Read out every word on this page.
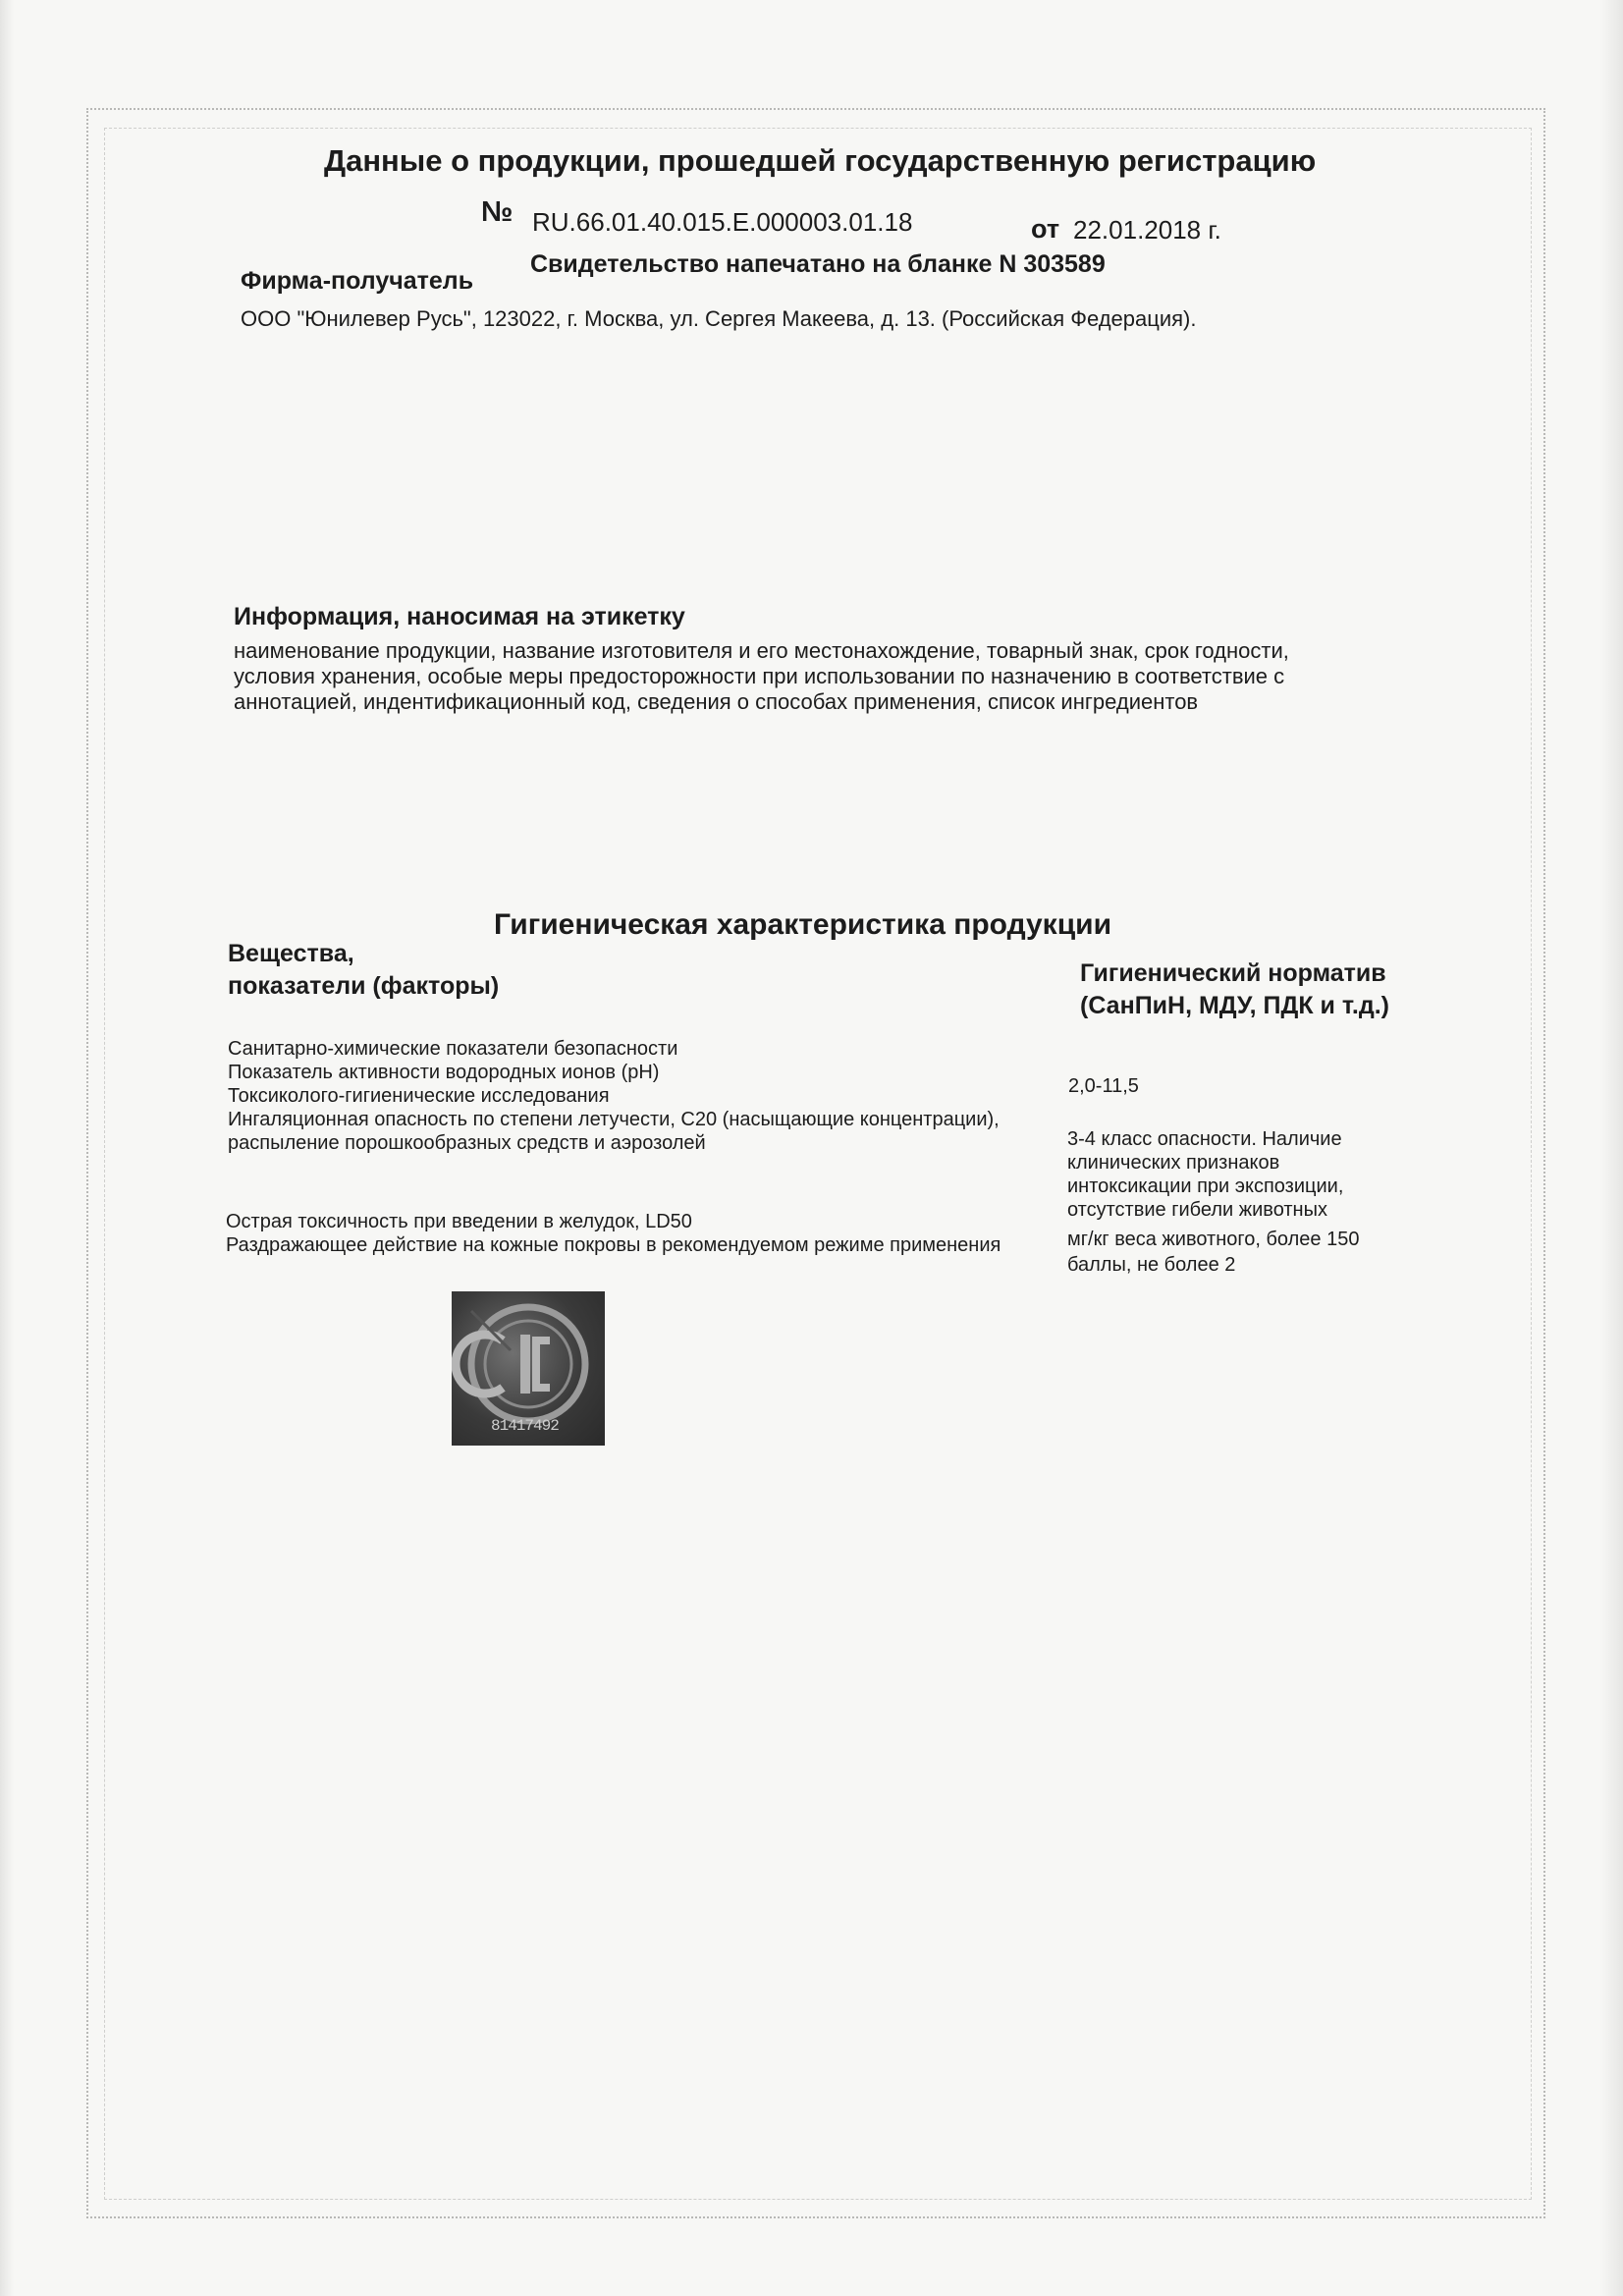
Данные о продукции, прошедшей государственную регистрацию
№ RU.66.01.40.015.E.000003.01.18	от 22.01.2018 г.
Свидетельство напечатано на бланке N 303589
Фирма-получатель
ООО "Юнилевер Русь", 123022, г. Москва, ул. Сергея Макеева, д. 13. (Российская Федерация).
Информация, наносимая на этикетку
наименование продукции, название изготовителя и его местонахождение, товарный знак, срок годности,
условия хранения, особые меры предосторожности при использовании по назначению в соответствие с
аннотацией, индентификационный код, сведения о способах применения, список ингредиентов
Гигиеническая характеристика продукции
Вещества,
показатели (факторы)	Гигиенический норматив
(СанПиН, МДУ, ПДК и т.д.)
Санитарно-химические показатели безопасности
Показатель активности водородных ионов (рН)
Токсиколого-гигиенические исследования
Ингаляционная опасность по степени летучести, С20 (насыщающие концентрации),
распыление порошкообразных средств и аэрозолей
Острая токсичность при введении в желудок, LD50
Раздражающее действие на кожные покровы в рекомендуемом режиме применения
2,0-11,5
3-4 класс опасности. Наличие
клинических признаков
интоксикации при экспозиции,
отсутствие гибели животных
мг/кг веса животного, более 150
баллы, не более 2
81417492
